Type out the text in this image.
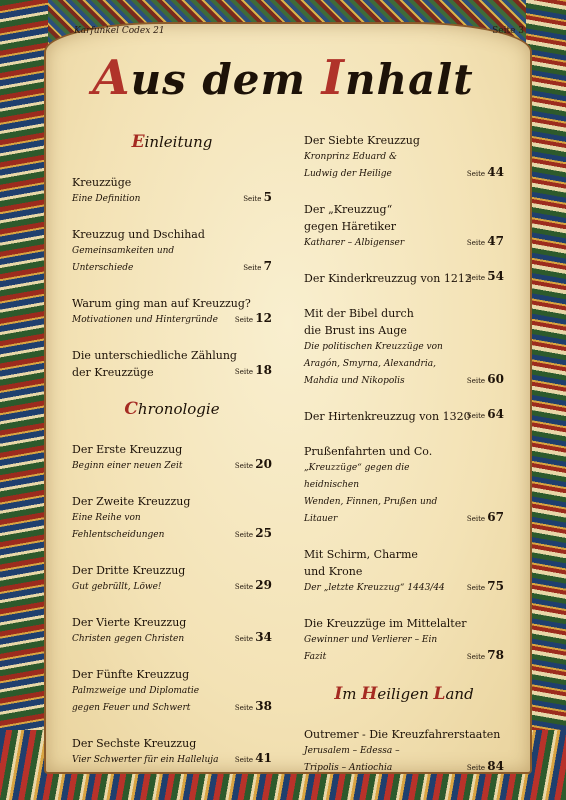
Karfunkel Codex 21	Seite 3
Aus dem Inhalt
Einleitung
Kreuzzüge
Eine Definition	Seite 5
Kreuzzug und Dschihad
Gemeinsamkeiten und Unterschiede	Seite 7
Warum ging man auf Kreuzzug?
Motivationen und Hintergründe	Seite 12
Die unterschiedliche Zählung
der Kreuzzüge	Seite 18
Chronologie
Der Erste Kreuzzug
Beginn einer neuen Zeit	Seite 20
Der Zweite Kreuzzug
Eine Reihe von Fehlentscheidungen	Seite 25
Der Dritte Kreuzzug
Gut gebrüllt, Löwe!	Seite 29
Der Vierte Kreuzzug
Christen gegen Christen	Seite 34
Der Fünfte Kreuzzug
Palmzweige und Diplomatie
gegen Feuer und Schwert	Seite 38
Der Sechste Kreuzzug
Vier Schwerter für ein Halleluja	Seite 41
Der Siebte Kreuzzug
Kronprinz Eduard &
Ludwig der Heilige	Seite 44
Der „Kreuzzug“
gegen Häretiker
Katharer – Albigenser	Seite 47
Der Kinderkreuzzug von 1212
Seite 54
Mit der Bibel durch
die Brust ins Auge
Die politischen Kreuzzüge von
Aragón, Smyrna, Alexandria,
Mahdia und Nikopolis	Seite 60
Der Hirtenkreuzzug von 1320
Seite 64
Prußenfahrten und Co.
„Kreuzzüge“ gegen die heidnischen
Wenden, Finnen, Prußen und Litauer	Seite 67
Mit Schirm, Charme
und Krone
Der „letzte Kreuzzug“ 1443/44	Seite 75
Die Kreuzzüge im Mittelalter
Gewinner und Verlierer – Ein Fazit	Seite 78
Im Heiligen Land
Outremer - Die Kreuzfahrerstaaten
Jerusalem – Edessa –
Tripolis – Antiochia	Seite 84
